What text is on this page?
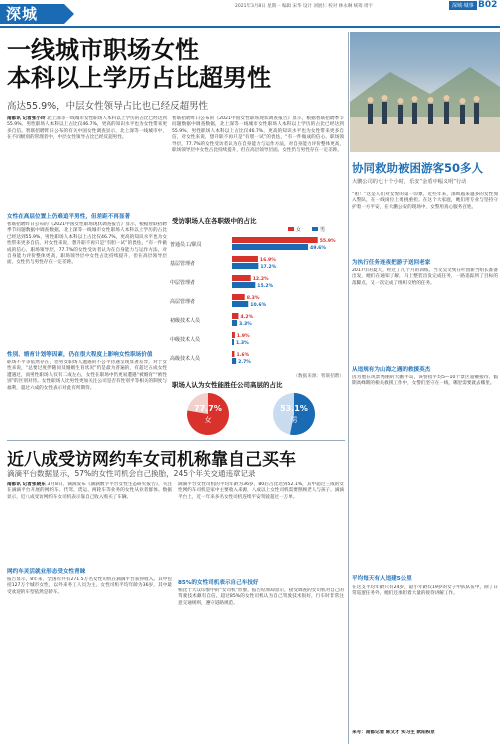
深城	2021年3月8日 星期一 编辑 宋华 设计 刘展仁 校对 林永琳 统筹 周宇	深城·城事 B02
一线城市职场女性
本科以上学历占比超男性
高达55.9%，中层女性领导占比也已经反超男性
南都讯 记者张小玲 北上深等一线城市女性职场人本科以上学历的占比已经达到55.9%，男性职场人本科以上占比仅46.7%，更高的知识水平也为女性带来更多自信。智联招聘昨日公布的有关中国女性调查显示，北上深等一线城市中，在不同级别的管理者中，中层女性领导占比已经反超男性。
女性在高层位置上仍难追平男性，但差距不再显著
智联招聘昨日公布的《2021中国女性职场现状调查报告》显示，根据智联招聘季节问题数据中调查数据，北上深等一线城市女性职场人本科以上学历的占比已经达到55.9%，男性职场人本科以上占比仅46.7%，更高的知识水平也为女性带来更多自信，对女性来说，想升职不再只是“有胆一试”的畏怯，“有一件做成的信心、职场领导层，77.7%的女性受访者认为在自身能力与运作方法，对自身能力评价整体更高，职场领导层中女性占比持续提升，但在高层领导层面，女性仍与男性存在一定差距。
性别、婚育计划等因素，仍在很大程度上影响女性职场价值
职场不平等依然存在，但男女职场人遭遇的不公平待遇呈现显著差异，对于女性来说，“总要过度伴随问及婚姻生育状况”仍是最为普遍的，有超过五成女性遭遇过，而男性职场人仅有二成左右，女性在职场中仍更易遭遇“被婚育”“被性别”的区别对待。女性职场人比男性更加关注公司是否有性别平等相关的制度与福利，超过六成的女性表示对此有所期待。
智联招聘昨日公布的《2021中国女性职场现状调查报告》显示，根据智联招聘季节问题数据中调查数据，北上深等一线城市女性职场人本科以上学历的占比已经达到55.9%，男性职场人本科以上占比仅46.7%，更高的知识水平也为女性带来更多自信，对女性来说，想升职不再只是“有胆一试”的畏怯，“有一件做成的信心、职场领导层，77.7%的女性受访者认为在自身能力与运作方法，对自身能力评价整体更高，职场领导层中女性占比持续提升，但在高层领导层面，女性仍与男性存在一定差距。
受访职场人在各职级中的占比
女	男
普通员工/职员
55.9%
49.6%
基层管理者
16.9%
17.2%
中层管理者
12.2%
15.2%
高层管理者
8.3%
10.6%
初级技术人员
4.2%
3.3%
中级技术人员
1.9%
1.3%
高级技术人员
1.6%
2.7%
（数据来源：智联招聘）
职场人认为女性能胜任公司高层的占比
77.7%
女
53.1%
男
协同救助被困游客50多人
大鹏公司的七十个小时，乐安“金盾中幅义明”行动
“咱！”这是人们对女警的第一印象，近些年来，深圳越来越多的女性加入警队，在一线岗位上勇挑重担。在这个大家庭，她们用专业与坚持守护着一方平安，在大鹏公安的现场中，女警用真心服务百姓。
为执行任务连夜把游子送回老家
2017年的夏天，经过了几个月的训练，当文昊文隽在叶团新当组长准备出发，她们在通知了解，马上整装出发完成任务，一路追踪到了目标的落脚点，又一次完成了组织交给的任务。
从违规有为山海之遇的救援英杰
因为他在风景秀丽的大鹏半岛，该警指平均5—10个景区超额接待、假期高峰期的相关救援工作中，女警们坚守在一线，哪里需要就去哪里。
平均每天有人违建5公里
在这支平均年龄只有24岁，最小年龄仅19岁的女子中队队伍中，除了日常巡逻任务外，她们还承担着大量的接待讲解工作。
采写：南都记者 陈文才 实习生 欧阳积京
近八成受访网约车女司机称靠自己买车
滴滴平台数据显示，57%的女性司机会自己换胎，245个年关交通违章记录
南都讯 记者张晓东 3月8日，滴滴发布《滴滴数字平台女性生态研究报告》，关注在滴滴平台开展的网约车、代驾、货运、两轮车等业务的女性从业者群体。数据显示，近八成受访网约车女司机表示靠自己收入购买了车辆。
网约车灵活就业形态受女性青睐
报告显示，8年来，全国有共有271.5万名女性司机在滴滴平台获得收入。其中包括127万个城市女性，以外来务工人员为主，女性司机平均年龄为36岁，其中最受欢迎的车型依然是轿车。
滴滴平台女性司机的平均年龄为36岁，80后占比达到52.1%，其中超过三成的女性网约车司机是家中主要收入来源，八成以上女性司机需要照顾老人与孩子。滴滴平台上，近一年来多名女性司机连续平安驾驶超过一万单。
85%的女性司机表示自己车技好
相比于大众印象中的“女司机”形象，报告结果却显示，接受调查的女司机对自己的驾驶技术颇有自信。超过85%的女性司机认为自己驾驶技术很好，行车时非常注意交通规则，遵守道路规范。
